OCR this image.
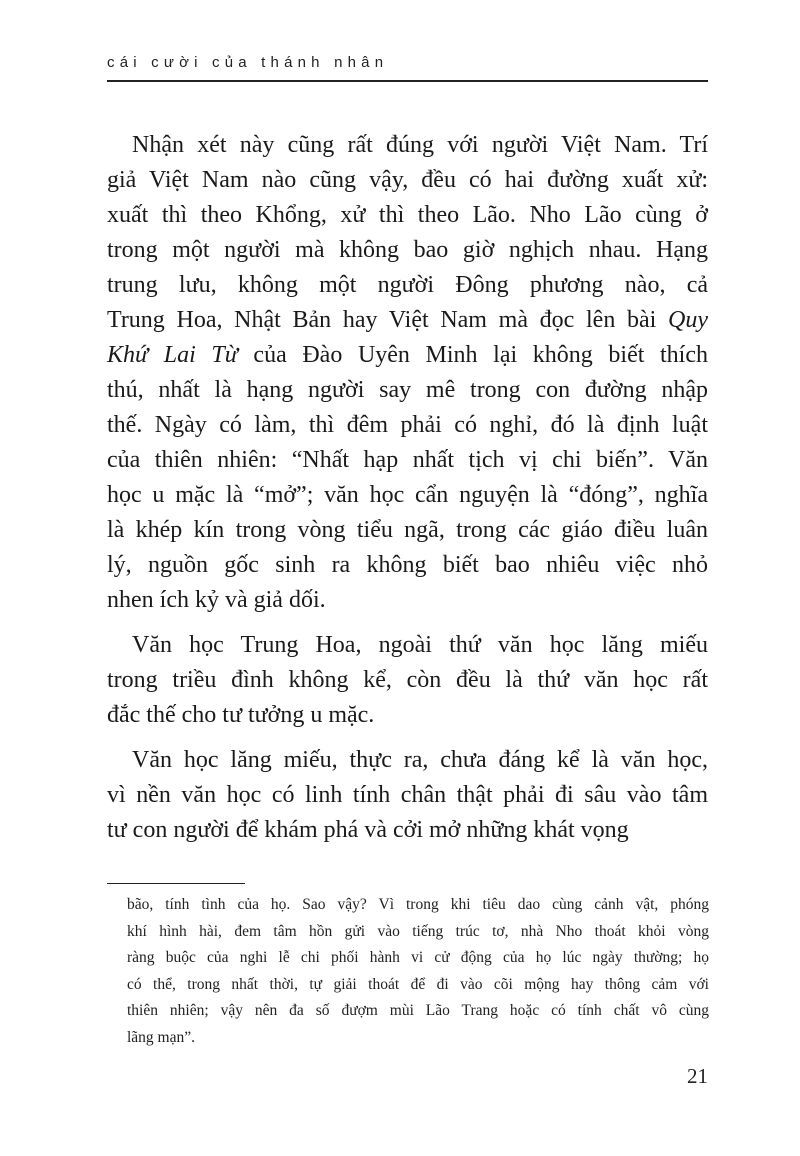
cái cười của thánh nhân
Nhận xét này cũng rất đúng với người Việt Nam. Trí
giả Việt Nam nào cũng vậy, đều có hai đường xuất xử:
xuất thì theo Khổng, xử thì theo Lão. Nho Lão cùng ở
trong một người mà không bao giờ nghịch nhau. Hạng
trung lưu, không một người Đông phương nào, cả
Trung Hoa, Nhật Bản hay Việt Nam mà đọc lên bài Quy
Khứ Lai Từ của Đào Uyên Minh lại không biết thích
thú, nhất là hạng người say mê trong con đường nhập
thế. Ngày có làm, thì đêm phải có nghỉ, đó là định luật
của thiên nhiên: “Nhất hạp nhất tịch vị chi biến”. Văn
học u mặc là “mở”; văn học cẩn nguyện là “đóng”, nghĩa
là khép kín trong vòng tiểu ngã, trong các giáo điều luân
lý, nguồn gốc sinh ra không biết bao nhiêu việc nhỏ
nhen ích kỷ và giả dối.
Văn học Trung Hoa, ngoài thứ văn học lăng miếu
trong triều đình không kể, còn đều là thứ văn học rất
đắc thế cho tư tưởng u mặc.
Văn học lăng miếu, thực ra, chưa đáng kể là văn học,
vì nền văn học có linh tính chân thật phải đi sâu vào tâm
tư con người để khám phá và cởi mở những khát vọng
bão, tính tình của họ. Sao vậy? Vì trong khi tiêu dao cùng cảnh vật, phóng
khí hình hài, đem tâm hồn gửi vào tiếng trúc tơ, nhà Nho thoát khỏi vòng
ràng buộc của nghi lễ chi phối hành vi cử động của họ lúc ngày thường; họ
có thể, trong nhất thời, tự giải thoát để đi vào cõi mộng hay thông cảm với
thiên nhiên; vậy nên đa số đượm mùi Lão Trang hoặc có tính chất vô cùng
lãng mạn”.
21
